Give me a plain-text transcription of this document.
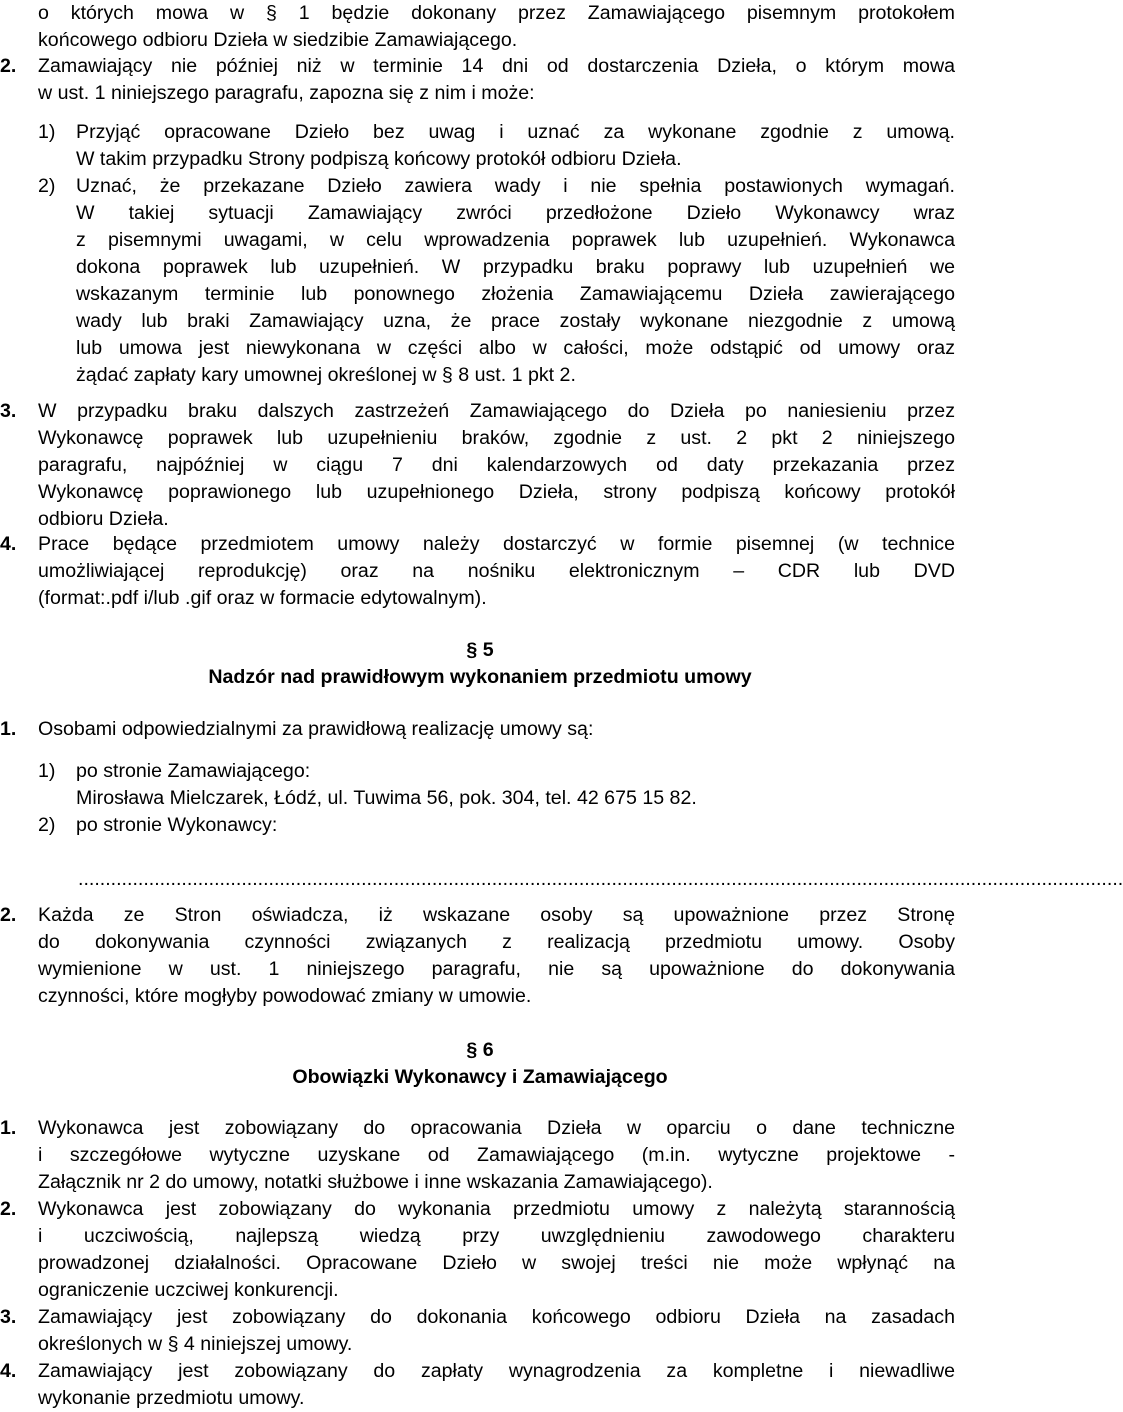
o których mowa w § 1 będzie dokonany przez Zamawiającego pisemnym protokołem
końcowego odbioru Dzieła w siedzibie Zamawiającego.
2. Zamawiający nie później niż w terminie 14 dni od dostarczenia Dzieła, o którym mowa
w ust. 1 niniejszego paragrafu, zapozna się z nim i może:
1) Przyjąć opracowane Dzieło bez uwag i uznać za wykonane zgodnie z umową.
W takim przypadku Strony podpiszą końcowy protokół odbioru Dzieła.
2) Uznać, że przekazane Dzieło zawiera wady i nie spełnia postawionych wymagań.
W takiej sytuacji Zamawiający zwróci przedłożone Dzieło Wykonawcy wraz
z pisemnymi uwagami, w celu wprowadzenia poprawek lub uzupełnień. Wykonawca
dokona poprawek lub uzupełnień. W przypadku braku poprawy lub uzupełnień we
wskazanym terminie lub ponownego złożenia Zamawiającemu Dzieła zawierającego
wady lub braki Zamawiający uzna, że prace zostały wykonane niezgodnie z umową
lub umowa jest niewykonana w części albo w całości, może odstąpić od umowy oraz
żądać zapłaty kary umownej określonej w § 8 ust. 1 pkt 2.
3. W przypadku braku dalszych zastrzeżeń Zamawiającego do Dzieła po naniesieniu przez
Wykonawcę poprawek lub uzupełnieniu braków, zgodnie z ust. 2 pkt 2 niniejszego
paragrafu, najpóźniej w ciągu 7 dni kalendarzowych od daty przekazania przez
Wykonawcę poprawionego lub uzupełnionego Dzieła, strony podpiszą końcowy protokół
odbioru Dzieła.
4. Prace będące przedmiotem umowy należy dostarczyć w formie pisemnej (w technice
umożliwiającej reprodukcję) oraz na nośniku elektronicznym – CDR lub DVD
(format:.pdf i/lub .gif oraz w formacie edytowalnym).
§ 5
Nadzór nad prawidłowym wykonaniem przedmiotu umowy
1. Osobami odpowiedzialnymi za prawidłową realizację umowy są:
1) po stronie Zamawiającego:
Mirosława Mielczarek, Łódź, ul. Tuwima 56, pok. 304, tel. 42 675 15 82.
2) po stronie Wykonawcy:
................................................................................................................................................................................................
2. Każda ze Stron oświadcza, iż wskazane osoby są upoważnione przez Stronę
do dokonywania czynności związanych z realizacją przedmiotu umowy. Osoby
wymienione w ust. 1 niniejszego paragrafu, nie są upoważnione do dokonywania
czynności, które mogłyby powodować zmiany w umowie.
§ 6
Obowiązki Wykonawcy i Zamawiającego
1. Wykonawca jest zobowiązany do opracowania Dzieła w oparciu o dane techniczne
i szczegółowe wytyczne uzyskane od Zamawiającego (m.in. wytyczne projektowe -
Załącznik nr 2 do umowy, notatki służbowe i inne wskazania Zamawiającego).
2. Wykonawca jest zobowiązany do wykonania przedmiotu umowy z należytą starannością
i uczciwością, najlepszą wiedzą przy uwzględnieniu zawodowego charakteru
prowadzonej działalności. Opracowane Dzieło w swojej treści nie może wpłynąć na
ograniczenie uczciwej konkurencji.
3. Zamawiający jest zobowiązany do dokonania końcowego odbioru Dzieła na zasadach
określonych w § 4 niniejszej umowy.
4. Zamawiający jest zobowiązany do zapłaty wynagrodzenia za kompletne i niewadliwe
wykonanie przedmiotu umowy.
